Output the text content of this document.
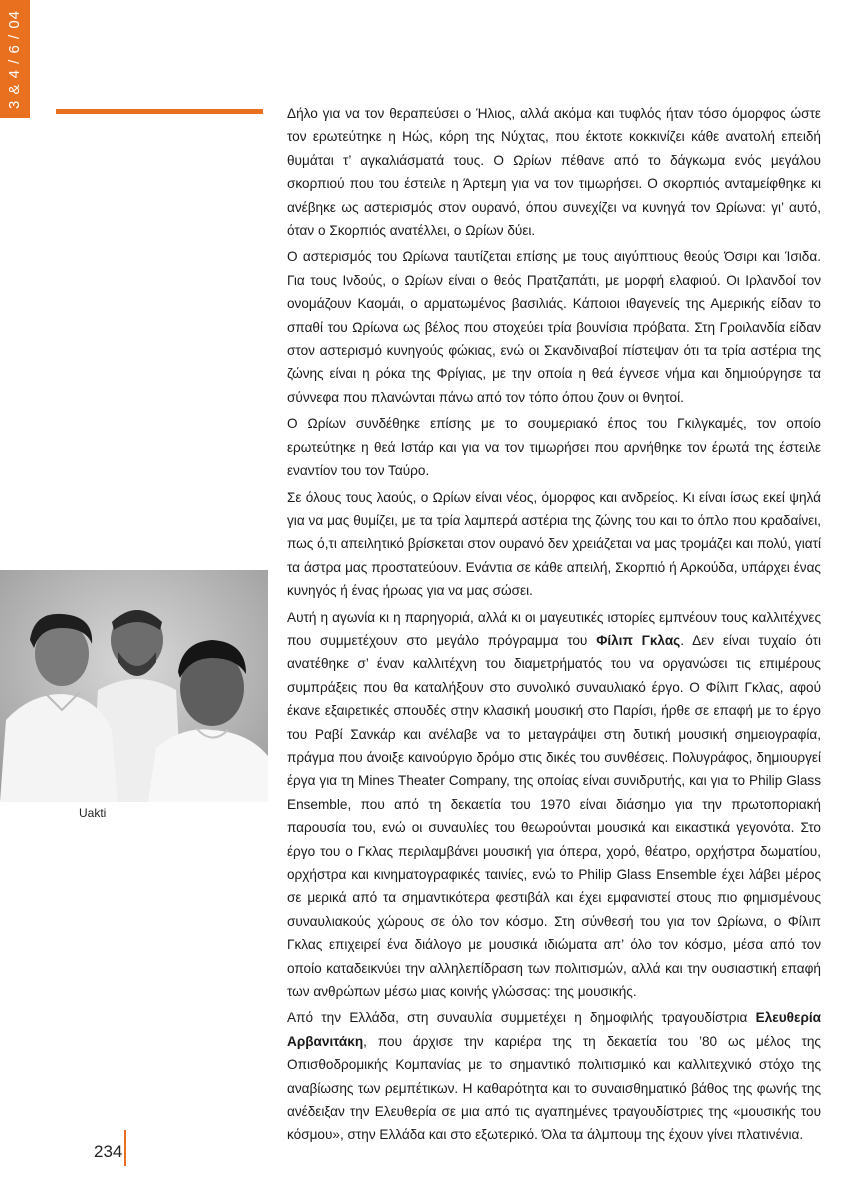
3 & 4 / 6 / 04

Δήλο για να τον θεραπεύσει ο Ήλιος, αλλά ακόμα και τυφλός ήταν τόσο όμορφος ώστε τον ερωτεύτηκε η Ηώς, κόρη της Νύχτας, που έκτοτε κοκκινίζει κάθε ανατολή επειδή θυμάται τ’ αγκαλιάσματά τους. Ο Ωρίων πέθανε από το δάγκωμα ενός μεγάλου σκορπιού που του έστειλε η Άρτεμη για να τον τιμωρήσει. Ο σκορπιός ανταμείφθηκε κι ανέβηκε ως αστερισμός στον ουρανό, όπου συνεχίζει να κυνηγά τον Ωρίωνα: γι’ αυτό, όταν ο Σκορπιός ανατέλλει, ο Ωρίων δύει.

Ο αστερισμός του Ωρίωνα ταυτίζεται επίσης με τους αιγύπτιους θεούς Όσιρι και Ίσιδα. Για τους Ινδούς, ο Ωρίων είναι ο θεός Πρατζαπάτι, με μορφή ελαφιού. Οι Ιρλανδοί τον ονομάζουν Καομάι, ο αρματωμένος βασιλιάς. Κάποιοι ιθαγενείς της Αμερικής είδαν το σπαθί του Ωρίωνα ως βέλος που στοχεύει τρία βουνίσια πρόβατα. Στη Γροιλανδία είδαν στον αστερισμό κυνηγούς φώκιας, ενώ οι Σκανδιναβοί πίστεψαν ότι τα τρία αστέρια της ζώνης είναι η ρόκα της Φρίγιας, με την οποία η θεά έγνεσε νήμα και δημιούργησε τα σύννεφα που πλανώνται πάνω από τον τόπο όπου ζουν οι θνητοί.

Ο Ωρίων συνδέθηκε επίσης με το σουμεριακό έπος του Γκιλγκαμές, τον οποίο ερωτεύτηκε η θεά Ιστάρ και για να τον τιμωρήσει που αρνήθηκε τον έρωτά της έστειλε εναντίον του τον Ταύρο.

Σε όλους τους λαούς, ο Ωρίων είναι νέος, όμορφος και ανδρείος. Κι είναι ίσως εκεί ψηλά για να μας θυμίζει, με τα τρία λαμπερά αστέρια της ζώνης του και το όπλο που κραδαίνει, πως ό,τι απειλητικό βρίσκεται στον ουρανό δεν χρειάζεται να μας τρομάζει και πολύ, γιατί τα άστρα μας προστατεύουν. Ενάντια σε κάθε απειλή, Σκορπιό ή Αρκούδα, υπάρχει ένας κυνηγός ή ένας ήρωας για να μας σώσει.

Αυτή η αγωνία κι η παρηγοριά, αλλά κι οι μαγευτικές ιστορίες εμπνέουν τους καλλιτέχνες που συμμετέχουν στο μεγάλο πρόγραμμα του Φίλιπ Γκλας. Δεν είναι τυχαίο ότι ανατέθηκε σ’ έναν καλλιτέχνη του διαμετρήματός του να οργανώσει τις επιμέρους συμπράξεις που θα καταλήξουν στο συνολικό συναυλιακό έργο. Ο Φίλιπ Γκλας, αφού έκανε εξαιρετικές σπουδές στην κλασική μουσική στο Παρίσι, ήρθε σε επαφή με το έργο του Ραβί Σανκάρ και ανέλαβε να το μεταγράψει στη δυτική μουσική σημειογραφία, πράγμα που άνοιξε καινούργιο δρόμο στις δικές του συνθέσεις. Πολυγράφος, δημιουργεί έργα για τη Mines Theater Company, της οποίας είναι συνιδρυτής, και για το Philip Glass Ensemble, που από τη δεκαετία του 1970 είναι διάσημο για την πρωτοποριακή παρουσία του, ενώ οι συναυλίες του θεωρούνται μουσικά και εικαστικά γεγονότα. Στο έργο του ο Γκλας περιλαμβάνει μουσική για όπερα, χορό, θέατρο, ορχήστρα δωματίου, ορχήστρα και κινηματογραφικές ταινίες, ενώ το Philip Glass Ensemble έχει λάβει μέρος σε μερικά από τα σημαντικότερα φεστιβάλ και έχει εμφανιστεί στους πιο φημισμένους συναυλιακούς χώρους σε όλο τον κόσμο. Στη σύνθεσή του για τον Ωρίωνα, ο Φίλιπ Γκλας επιχειρεί ένα διάλογο με μουσικά ιδιώματα απ’ όλο τον κόσμο, μέσα από τον οποίο καταδεικνύει την αλληλεπίδραση των πολιτισμών, αλλά και την ουσιαστική επαφή των ανθρώπων μέσω μιας κοινής γλώσσας: της μουσικής.

Από την Ελλάδα, στη συναυλία συμμετέχει η δημοφιλής τραγουδίστρια Ελευθερία Αρβανιτάκη, που άρχισε την καριέρα της τη δεκαετία του ’80 ως μέλος της Οπισθοδρομικής Κομπανίας με το σημαντικό πολιτισμικό και καλλιτεχνικό στόχο της αναβίωσης των ρεμπέτικων. Η καθαρότητα και το συναισθηματικό βάθος της φωνής της ανέδειξαν την Ελευθερία σε μια από τις αγαπημένες τραγουδίστριες της «μουσικής του κόσμου», στην Ελλάδα και στο εξωτερικό. Όλα τα άλμπουμ της έχουν γίνει πλατινένια.

Uakti
234
